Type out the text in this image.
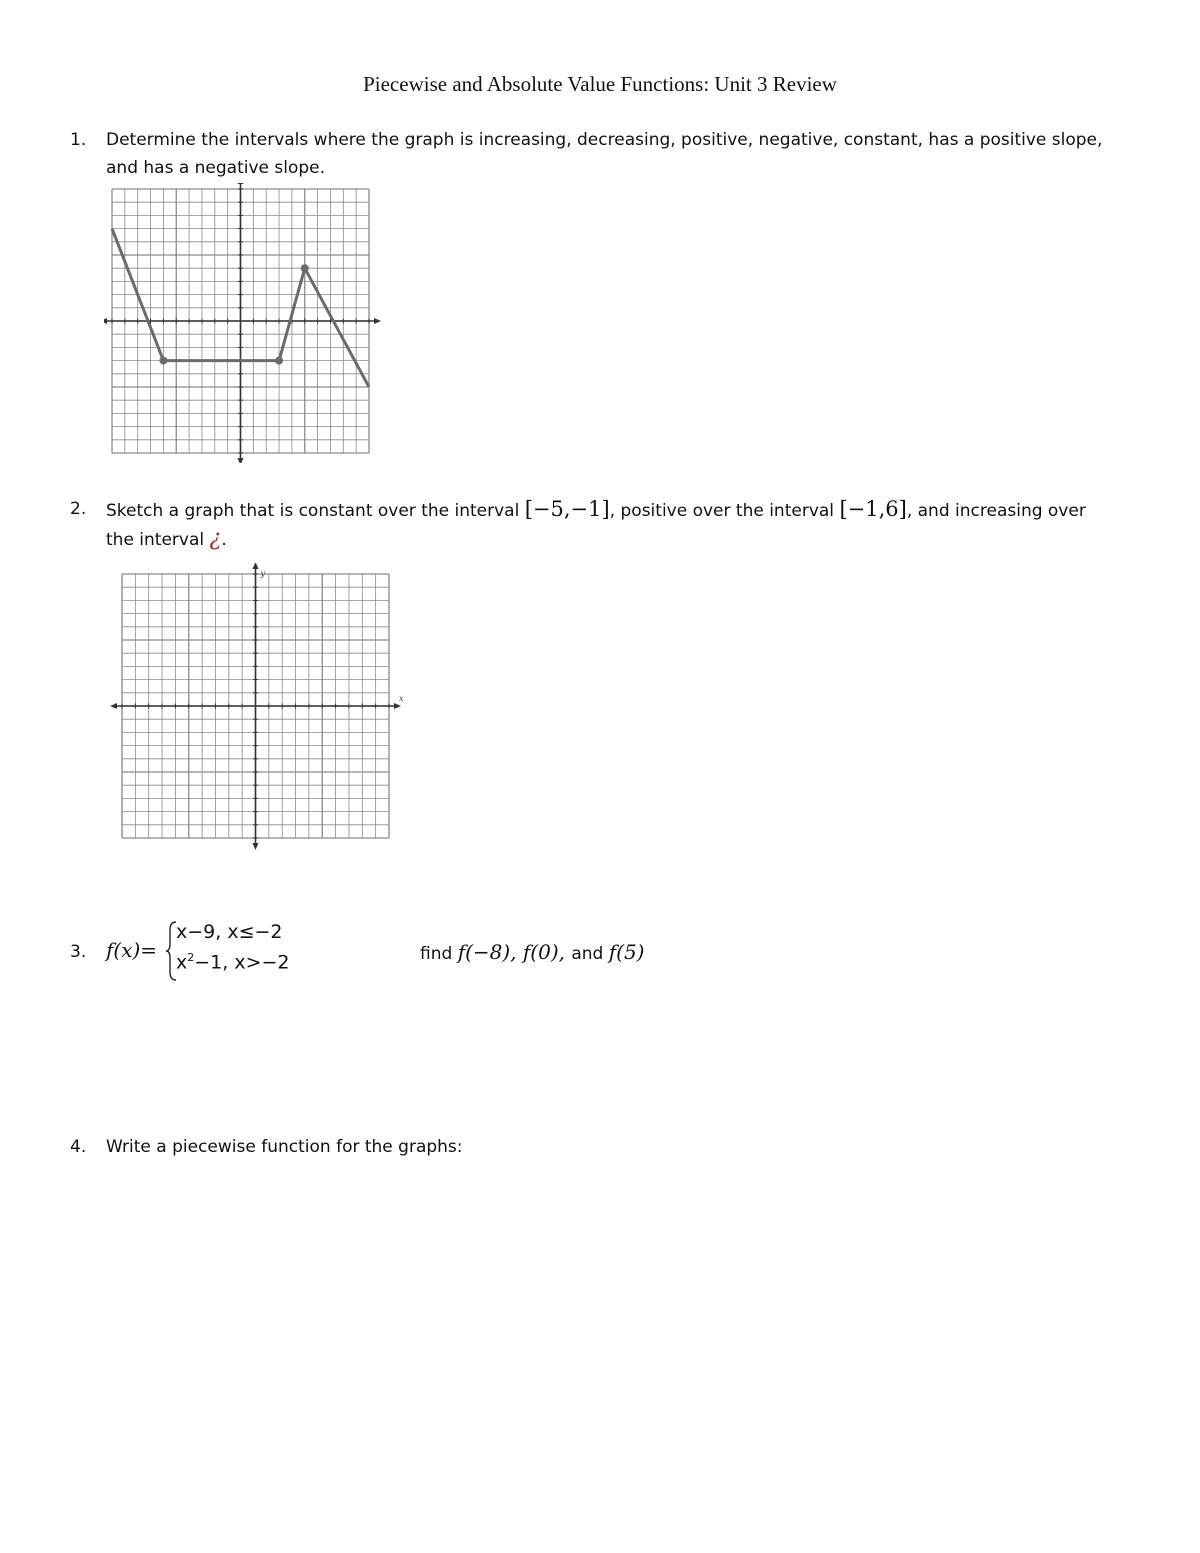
Piecewise and Absolute Value Functions: Unit 3 Review
1. Determine the intervals where the graph is increasing, decreasing, positive, negative, constant, has a positive slope,
and has a negative slope.
2. Sketch a graph that is constant over the interval [−5,−1], positive over the interval [−1,6], and increasing over
the interval ¿.
x
y
3. f(x)=
x−9, x≤−2
$x^2-1$, x>−2	find f(−8), f(0), and f(5)
4. Write a piecewise function for the graphs:
